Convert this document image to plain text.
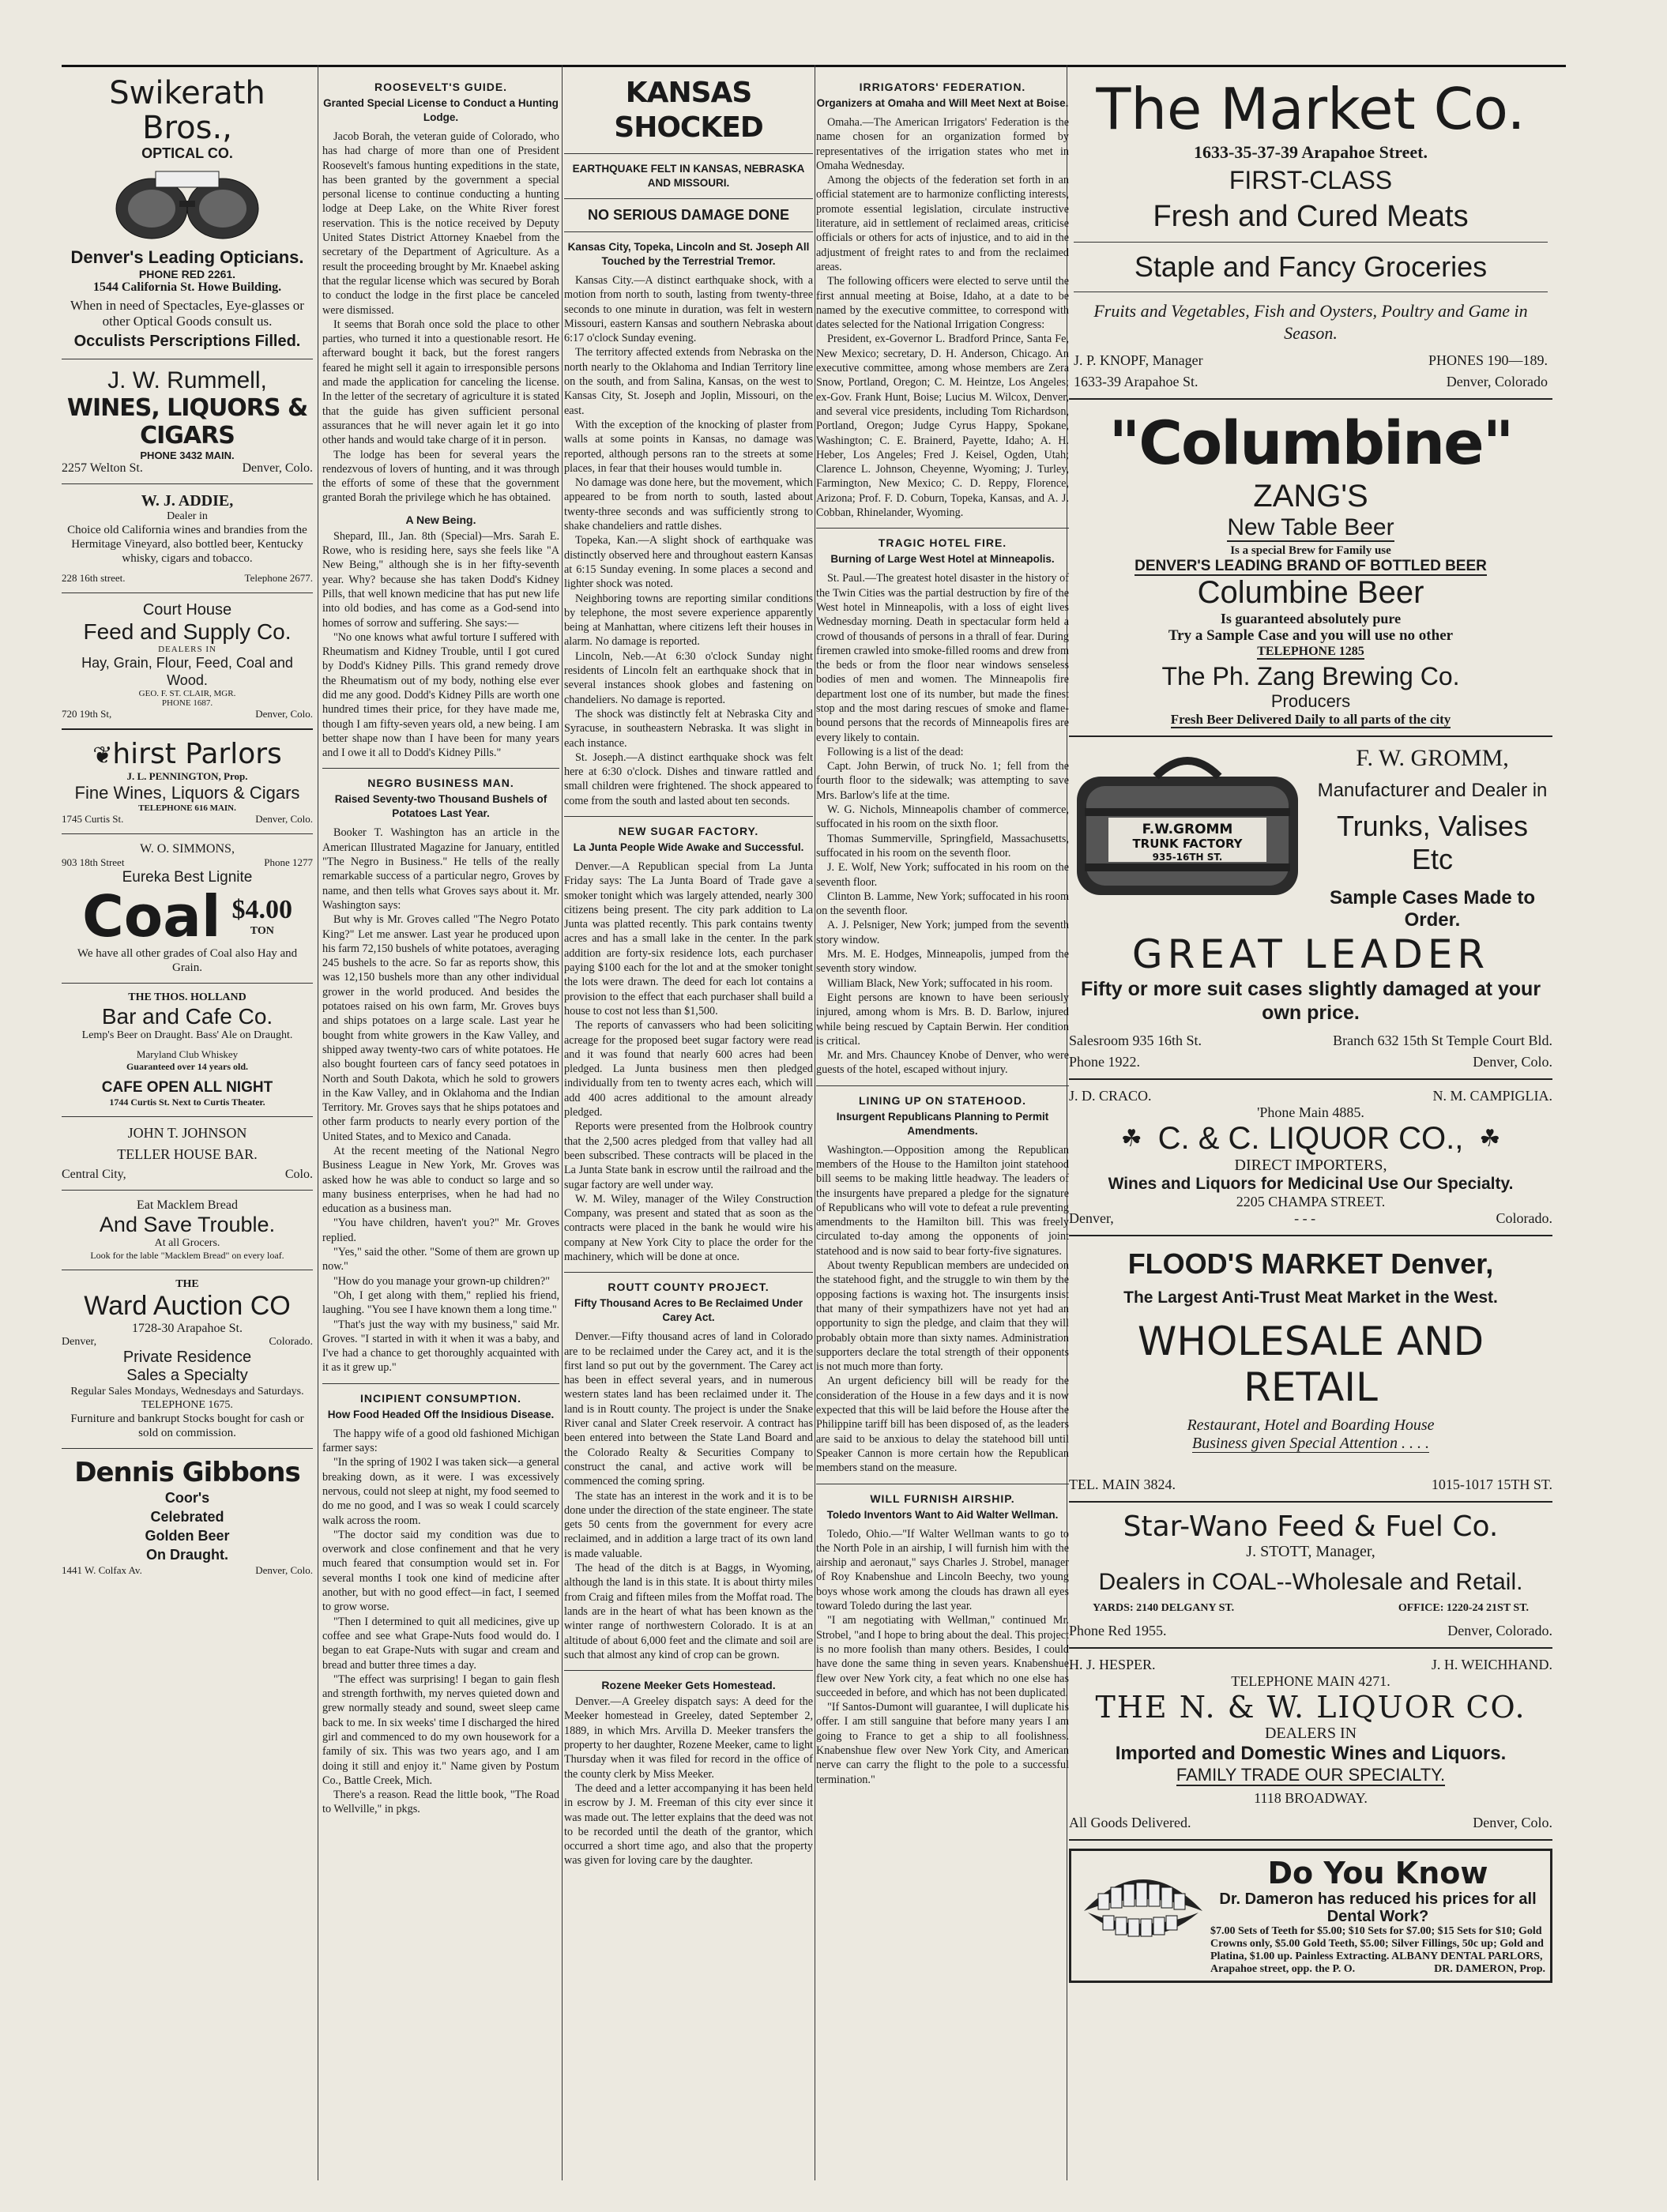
Swikerath Bros.,
OPTICAL CO.
Denver's Leading Opticians.
PHONE RED 2261.
1544 California St. Howe Building.
When in need of Spectacles, Eye-glasses or other Optical Goods consult us.
Occulists Perscriptions Filled.
J. W. Rummell,
WINES, LIQUORS & CIGARS
PHONE 3432 MAIN.
2257 Welton St.	Denver, Colo.
W. J. ADDIE,
Dealer in
Choice old California wines and brandies from the Hermitage Vineyard, also bottled beer, Kentucky whisky, cigars and tobacco.
228 16th street.	Telephone 2677.
Court House
Feed and Supply Co.
DEALERS IN
Hay, Grain, Flour, Feed, Coal and Wood.
GEO. F. ST. CLAIR, MGR.
PHONE 1687.
720 19th St,	Denver, Colo.
❦hirst Parlors
J. L. PENNINGTON, Prop.
Fine Wines, Liquors & Cigars
TELEPHONE 616 MAIN.
1745 Curtis St.	Denver, Colo.
W. O. SIMMONS,
903 18th Street	Phone 1277
Eureka Best Lignite
Coal $4.00
TON
We have all other grades of Coal also Hay and Grain.
THE THOS. HOLLAND
Bar and Cafe Co.
Lemp's Beer on Draught. Bass' Ale on Draught.
Maryland Club Whiskey
Guaranteed over 14 years old.
CAFE OPEN ALL NIGHT
1744 Curtis St. Next to Curtis Theater.
JOHN T. JOHNSON
TELLER HOUSE BAR.
Central City,	Colo.
Eat Macklem Bread
And Save Trouble.
At all Grocers.
Look for the lable "Macklem Bread" on every loaf.
THE
Ward Auction CO
1728-30 Arapahoe St.
Denver,	Colorado.
Private Residence
Sales a Specialty
Regular Sales Mondays, Wednesdays and Saturdays.
TELEPHONE 1675.
Furniture and bankrupt Stocks bought for cash or sold on commission.
Dennis Gibbons
Coor's
Celebrated
Golden Beer
On Draught.
1441 W. Colfax Av.	Denver, Colo.
ROOSEVELT'S GUIDE.
Granted Special License to Conduct a Hunting Lodge.

Jacob Borah, the veteran guide of Colorado, who has had charge of more than one of President Roosevelt's famous hunting expeditions in the state, has been granted by the government a special personal license to continue conducting a hunting lodge at Deep Lake, on the White River forest reservation. This is the notice received by Deputy United States District Attorney Knaebel from the secretary of the Department of Agriculture. As a result the proceeding brought by Mr. Knaebel asking that the regular license which was secured by Borah to conduct the lodge in the first place be canceled were dismissed.

It seems that Borah once sold the place to other parties, who turned it into a questionable resort. He afterward bought it back, but the forest rangers feared he might sell it again to irresponsible persons and made the application for canceling the license. In the letter of the secretary of agriculture it is stated that the guide has given sufficient personal assurances that he will never again let it go into other hands and would take charge of it in person.

The lodge has been for several years the rendezvous of lovers of hunting, and it was through the efforts of some of these that the government granted Borah the privilege which he has obtained.

A New Being.

Shepard, Ill., Jan. 8th (Special)—Mrs. Sarah E. Rowe, who is residing here, says she feels like "A New Being," although she is in her fifty-seventh year. Why? because she has taken Dodd's Kidney Pills, that well known medicine that has put new life into old bodies, and has come as a God-send into homes of sorrow and suffering. She says:—

"No one knows what awful torture I suffered with Rheumatism and Kidney Trouble, until I got cured by Dodd's Kidney Pills. This grand remedy drove the Rheumatism out of my body, nothing else ever did me any good. Dodd's Kidney Pills are worth one hundred times their price, for they have made me, though I am fifty-seven years old, a new being. I am better shape now than I have been for many years and I owe it all to Dodd's Kidney Pills."

NEGRO BUSINESS MAN.
Raised Seventy-two Thousand Bushels of Potatoes Last Year.

Booker T. Washington has an article in the American Illustrated Magazine for January, entitled "The Negro in Business." He tells of the really remarkable success of a particular negro, Groves by name, and then tells what Groves says about it. Mr. Washington says:

But why is Mr. Groves called "The Negro Potato King?" Let me answer. Last year he produced upon his farm 72,150 bushels of white potatoes, averaging 245 bushels to the acre. So far as reports show, this was 12,150 bushels more than any other individual grower in the world produced. And besides the potatoes raised on his own farm, Mr. Groves buys and ships potatoes on a large scale. Last year he bought from white growers in the Kaw Valley, and shipped away twenty-two cars of white potatoes. He also bought fourteen cars of fancy seed potatoes in North and South Dakota, which he sold to growers in the Kaw Valley, and in Oklahoma and the Indian Territory. Mr. Groves says that he ships potatoes and other farm products to nearly every portion of the United States, and to Mexico and Canada.

At the recent meeting of the National Negro Business League in New York, Mr. Groves was asked how he was able to conduct so large and so many business enterprises, when he had had no education as a business man.

"You have children, haven't you?" Mr. Groves replied.

"Yes," said the other. "Some of them are grown up now."

"How do you manage your grown-up children?"

"Oh, I get along with them," replied his friend, laughing. "You see I have known them a long time."

"That's just the way with my business," said Mr. Groves. "I started in with it when it was a baby, and I've had a chance to get thoroughly acquainted with it as it grew up."

INCIPIENT CONSUMPTION.
How Food Headed Off the Insidious Disease.

The happy wife of a good old fashioned Michigan farmer says:

"In the spring of 1902 I was taken sick—a general breaking down, as it were. I was excessively nervous, could not sleep at night, my food seemed to do me no good, and I was so weak I could scarcely walk across the room.

"The doctor said my condition was due to overwork and close confinement and that he very much feared that consumption would set in. For several months I took one kind of medicine after another, but with no good effect—in fact, I seemed to grow worse.

"Then I determined to quit all medicines, give up coffee and see what Grape-Nuts food would do. I began to eat Grape-Nuts with sugar and cream and bread and butter three times a day.

"The effect was surprising! I began to gain flesh and strength forthwith, my nerves quieted down and grew normally steady and sound, sweet sleep came back to me. In six weeks' time I discharged the hired girl and commenced to do my own housework for a family of six. This was two years ago, and I am doing it still and enjoy it." Name given by Postum Co., Battle Creek, Mich.

There's a reason. Read the little book, "The Road to Wellville," in pkgs.

KANSAS SHOCKED
EARTHQUAKE FELT IN KANSAS, NEBRASKA AND MISSOURI.
NO SERIOUS DAMAGE DONE
Kansas City, Topeka, Lincoln and St. Joseph All Touched by the Terrestrial Tremor.

Kansas City.—A distinct earthquake shock, with a motion from north to south, lasting from twenty-three seconds to one minute in duration, was felt in western Missouri, eastern Kansas and southern Nebraska about 6:17 o'clock Sunday evening.

The territory affected extends from Nebraska on the north nearly to the Oklahoma and Indian Territory line on the south, and from Salina, Kansas, on the west to Kansas City, St. Joseph and Joplin, Missouri, on the east.

With the exception of the knocking of plaster from walls at some points in Kansas, no damage was reported, although persons ran to the streets at some places, in fear that their houses would tumble in.

No damage was done here, but the movement, which appeared to be from north to south, lasted about twenty-three seconds and was sufficiently strong to shake chandeliers and rattle dishes.

Topeka, Kan.—A slight shock of earthquake was distinctly observed here and throughout eastern Kansas at 6:15 Sunday evening. In some places a second and lighter shock was noted.

Neighboring towns are reporting similar conditions by telephone, the most severe experience apparently being at Manhattan, where citizens left their houses in alarm. No damage is reported.

Lincoln, Neb.—At 6:30 o'clock Sunday night residents of Lincoln felt an earthquake shock that in several instances shook globes and fastening on chandeliers. No damage is reported.

The shock was distinctly felt at Nebraska City and Syracuse, in southeastern Nebraska. It was slight in each instance.

St. Joseph.—A distinct earthquake shock was felt here at 6:30 o'clock. Dishes and tinware rattled and small children were frightened. The shock appeared to come from the south and lasted about ten seconds.

NEW SUGAR FACTORY.
La Junta People Wide Awake and Successful.

Denver.—A Republican special from La Junta Friday says: The La Junta Board of Trade gave a smoker tonight which was largely attended, nearly 300 citizens being present. The city park addition to La Junta was platted recently. This park contains twenty acres and has a small lake in the center. In the park addition are forty-six residence lots, each purchaser paying $100 each for the lot and at the smoker tonight the lots were drawn. The deed for each lot contains a provision to the effect that each purchaser shall build a house to cost not less than $1,500.

The reports of canvassers who had been soliciting acreage for the proposed beet sugar factory were read and it was found that nearly 600 acres had been pledged. La Junta business men then pledged individually from ten to twenty acres each, which will add 400 acres additional to the amount already pledged.

Reports were presented from the Holbrook country that the 2,500 acres pledged from that valley had all been subscribed. These contracts will be placed in the La Junta State bank in escrow until the railroad and the sugar factory are well under way.

W. M. Wiley, manager of the Wiley Construction Company, was present and stated that as soon as the contracts were placed in the bank he would wire his company at New York City to place the order for the machinery, which will be done at once.

ROUTT COUNTY PROJECT.
Fifty Thousand Acres to Be Reclaimed Under Carey Act.

Denver.—Fifty thousand acres of land in Colorado are to be reclaimed under the Carey act, and it is the first land so put out by the government. The Carey act has been in effect several years, and in numerous western states land has been reclaimed under it. The land is in Routt county. The project is under the Snake River canal and Slater Creek reservoir. A contract has been entered into between the State Land Board and the Colorado Realty & Securities Company to construct the canal, and active work will be commenced the coming spring.

The state has an interest in the work and it is to be done under the direction of the state engineer. The state gets 50 cents from the government for every acre reclaimed, and in addition a large tract of its own land is made valuable.

The head of the ditch is at Baggs, in Wyoming, although the land is in this state. It is about thirty miles from Craig and fifteen miles from the Moffat road. The lands are in the heart of what has been known as the winter range of northwestern Colorado. It is at an altitude of about 6,000 feet and the climate and soil are such that almost any kind of crop can be grown.

Rozene Meeker Gets Homestead.

Denver.—A Greeley dispatch says: A deed for the Meeker homestead in Greeley, dated September 2, 1889, in which Mrs. Arvilla D. Meeker transfers the property to her daughter, Rozene Meeker, came to light Thursday when it was filed for record in the office of the county clerk by Miss Meeker.

The deed and a letter accompanying it has been held in escrow by J. M. Freeman of this city ever since it was made out. The letter explains that the deed was not to be recorded until the death of the grantor, which occurred a short time ago, and also that the property was given for loving care by the daughter.

IRRIGATORS' FEDERATION.
Organizers at Omaha and Will Meet Next at Boise.

Omaha.—The American Irrigators' Federation is the name chosen for an organization formed by representatives of the irrigation states who met in Omaha Wednesday.

Among the objects of the federation set forth in an official statement are to harmonize conflicting interests, promote essential legislation, circulate instructive literature, aid in settlement of reclaimed areas, criticise officials or others for acts of injustice, and to aid in the adjustment of freight rates to and from the reclaimed areas.

The following officers were elected to serve until the first annual meeting at Boise, Idaho, at a date to be named by the executive committee, to correspond with dates selected for the National Irrigation Congress:

President, ex-Governor L. Bradford Prince, Santa Fe, New Mexico; secretary, D. H. Anderson, Chicago. An executive committee, among whose members are Zera Snow, Portland, Oregon; C. M. Heintze, Los Angeles; ex-Gov. Frank Hunt, Boise; Lucius M. Wilcox, Denver, and several vice presidents, including Tom Richardson, Portland, Oregon; Judge Cyrus Happy, Spokane, Washington; C. E. Brainerd, Payette, Idaho; A. H. Heber, Los Angeles; Fred J. Keisel, Ogden, Utah; Clarence L. Johnson, Cheyenne, Wyoming; J. Turley, Farmington, New Mexico; C. D. Reppy, Florence, Arizona; Prof. F. D. Coburn, Topeka, Kansas, and A. J. Cobban, Rhinelander, Wyoming.

TRAGIC HOTEL FIRE.
Burning of Large West Hotel at Minneapolis.

St. Paul.—The greatest hotel disaster in the history of the Twin Cities was the partial destruction by fire of the West hotel in Minneapolis, with a loss of eight lives Wednesday morning. Death in spectacular form held a crowd of thousands of persons in a thrall of fear. During firemen crawled into smoke-filled rooms and drew from the beds or from the floor near windows senseless bodies of men and women. The Minneapolis fire department lost one of its number, but made the finest stop and the most daring rescues of smoke and flame-bound persons that the records of Minneapolis fires are every likely to contain.

Following is a list of the dead:

Capt. John Berwin, of truck No. 1; fell from the fourth floor to the sidewalk; was attempting to save Mrs. Barlow's life at the time.

W. G. Nichols, Minneapolis chamber of commerce, suffocated in his room on the sixth floor.

Thomas Summerville, Springfield, Massachusetts, suffocated in his room on the seventh floor.

J. E. Wolf, New York; suffocated in his room on the seventh floor.

Clinton B. Lamme, New York; suffocated in his room on the seventh floor.

A. J. Pelsniger, New York; jumped from the seventh story window.

Mrs. M. E. Hodges, Minneapolis, jumped from the seventh story window.

William Black, New York; suffocated in his room.

Eight persons are known to have been seriously injured, among whom is Mrs. B. D. Barlow, injured while being rescued by Captain Berwin. Her condition is critical.

Mr. and Mrs. Chauncey Knobe of Denver, who were guests of the hotel, escaped without injury.

LINING UP ON STATEHOOD.
Insurgent Republicans Planning to Permit Amendments.

Washington.—Opposition among the Republican members of the House to the Hamilton joint statehood bill seems to be making little headway. The leaders of the insurgents have prepared a pledge for the signature of Republicans who will vote to defeat a rule preventing amendments to the Hamilton bill. This was freely circulated to-day among the opponents of joint statehood and is now said to bear forty-five signatures.

About twenty Republican members are undecided on the statehood fight, and the struggle to win them by the opposing factions is waxing hot. The insurgents insist that many of their sympathizers have not yet had an opportunity to sign the pledge, and claim that they will probably obtain more than sixty names. Administration supporters declare the total strength of their opponents is not much more than forty.

An urgent deficiency bill will be ready for the consideration of the House in a few days and it is now expected that this will be laid before the House after the Philippine tariff bill has been disposed of, as the leaders are said to be anxious to delay the statehood bill until Speaker Cannon is more certain how the Republican members stand on the measure.

WILL FURNISH AIRSHIP.
Toledo Inventors Want to Aid Walter Wellman.

Toledo, Ohio.—"If Walter Wellman wants to go to the North Pole in an airship, I will furnish him with the airship and aeronaut," says Charles J. Strobel, manager of Roy Knabenshue and Lincoln Beechy, two young boys whose work among the clouds has drawn all eyes toward Toledo during the last year.

"I am negotiating with Wellman," continued Mr. Strobel, "and I hope to bring about the deal. This project is no more foolish than many others. Besides, I could have done the same thing in seven years. Knabenshue flew over New York city, a feat which no one else has succeeded in before, and which has not been duplicated.

"If Santos-Dumont will guarantee, I will duplicate his offer. I am still sanguine that before many years I am going to France to get a ship to all foolishness. Knabenshue flew over New York City, and American nerve can carry the flight to the pole to a successful termination."

The Market Co.
1633-35-37-39 Arapahoe Street.
FIRST-CLASS
Fresh and Cured Meats
Staple and Fancy Groceries
Fruits and Vegetables, Fish and Oysters, Poultry and Game in Season.
J. P. KNOPF, Manager	PHONES 190—189.
1633-39 Arapahoe St.	Denver, Colorado
"Columbine"
ZANG'S
New Table Beer
Is a special Brew for Family use
DENVER'S LEADING BRAND OF BOTTLED BEER
Columbine Beer
Is guaranteed absolutely pure
Try a Sample Case and you will use no other
TELEPHONE 1285
The Ph. Zang Brewing Co.
Producers
Fresh Beer Delivered Daily to all parts of the city
F.W.GROMM
TRUNK FACTORY
935-16TH ST.
F. W. GROMM,
Manufacturer and Dealer in
Trunks, Valises Etc
Sample Cases Made to Order.
GREAT LEADER
Fifty or more suit cases slightly damaged at your own price.
Salesroom 935 16th St.	Branch 632 15th St Temple Court Bld.
Phone 1922.	Denver, Colo.
J. D. CRACO.	N. M. CAMPIGLIA.
'Phone Main 4885.
☘ C. & C. LIQUOR CO., ☘
DIRECT IMPORTERS,
Wines and Liquors for Medicinal Use Our Specialty.
2205 CHAMPA STREET.
Denver,	- - -	Colorado.
FLOOD'S MARKET Denver,
The Largest Anti-Trust Meat Market in the West.
WHOLESALE AND RETAIL
Restaurant, Hotel and Boarding House
Business given Special Attention . . . .
TEL. MAIN 3824.	1015-1017 15TH ST.
Star-Wano Feed & Fuel Co.
J. STOTT, Manager,
Dealers in COAL--Wholesale and Retail.
YARDS: 2140 DELGANY ST.	OFFICE: 1220-24 21ST ST.
Phone Red 1955.	Denver, Colorado.
H. J. HESPER.	J. H. WEICHHAND.
TELEPHONE MAIN 4271.
THE N. & W. LIQUOR CO.
DEALERS IN
Imported and Domestic Wines and Liquors.
FAMILY TRADE OUR SPECIALTY.
1118 BROADWAY.
All Goods Delivered.	Denver, Colo.
Do You Know
Dr. Dameron has reduced his prices for all Dental Work?
$7.00 Sets of Teeth for $5.00; $10 Sets for $7.00; $15 Sets for $10; Gold Crowns only, $5.00 Gold Teeth, $5.00; Silver Fillings, 50c up; Gold and Platina, $1.00 up. Painless Extracting. ALBANY DENTAL PARLORS,
Arapahoe street, opp. the P. O.	DR. DAMERON, Prop.
